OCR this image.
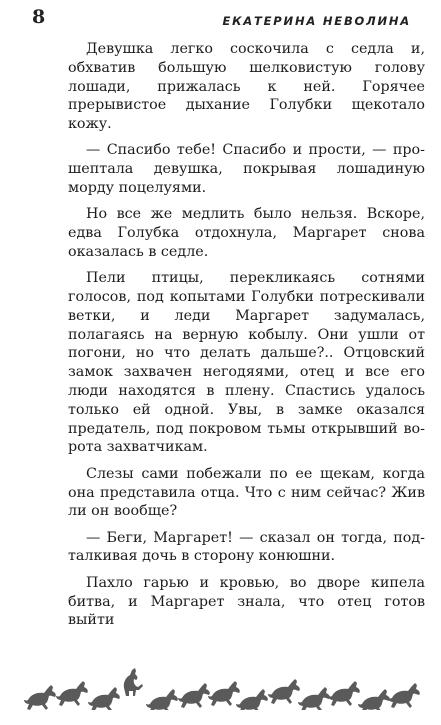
8	ЕКАТЕРИНА НЕВОЛИНА

Девушка легко соскочила с седла и, обхватив большую шелковистую голову лошади, прижалась к ней. Горячее прерывистое дыхание Голубки щекотало кожу.

— Спасибо тебе! Спасибо и прости, — прошептала девушка, покрывая лошадиную морду поцелуями.

Но все же медлить было нельзя. Вскоре, едва Голубка отдохнула, Маргарет снова оказалась в седле.

Пели птицы, перекликаясь сотнями голосов, под копытами Голубки потрескивали ветки, и леди Маргарет задумалась, полагаясь на верную кобылу. Они ушли от погони, но что делать дальше?.. Отцовский замок захвачен негодяями, отец и все его люди находятся в плену. Спастись удалось только ей одной. Увы, в замке оказался предатель, под покровом тьмы открывший ворота захватчикам.

Слезы сами побежали по ее щекам, когда она представила отца. Что с ним сейчас? Жив ли он вообще?

— Беги, Маргарет! — сказал он тогда, подталкивая дочь в сторону конюшни.

Пахло гарью и кровью, во дворе кипела битва, и Маргарет знала, что отец готов выйти
